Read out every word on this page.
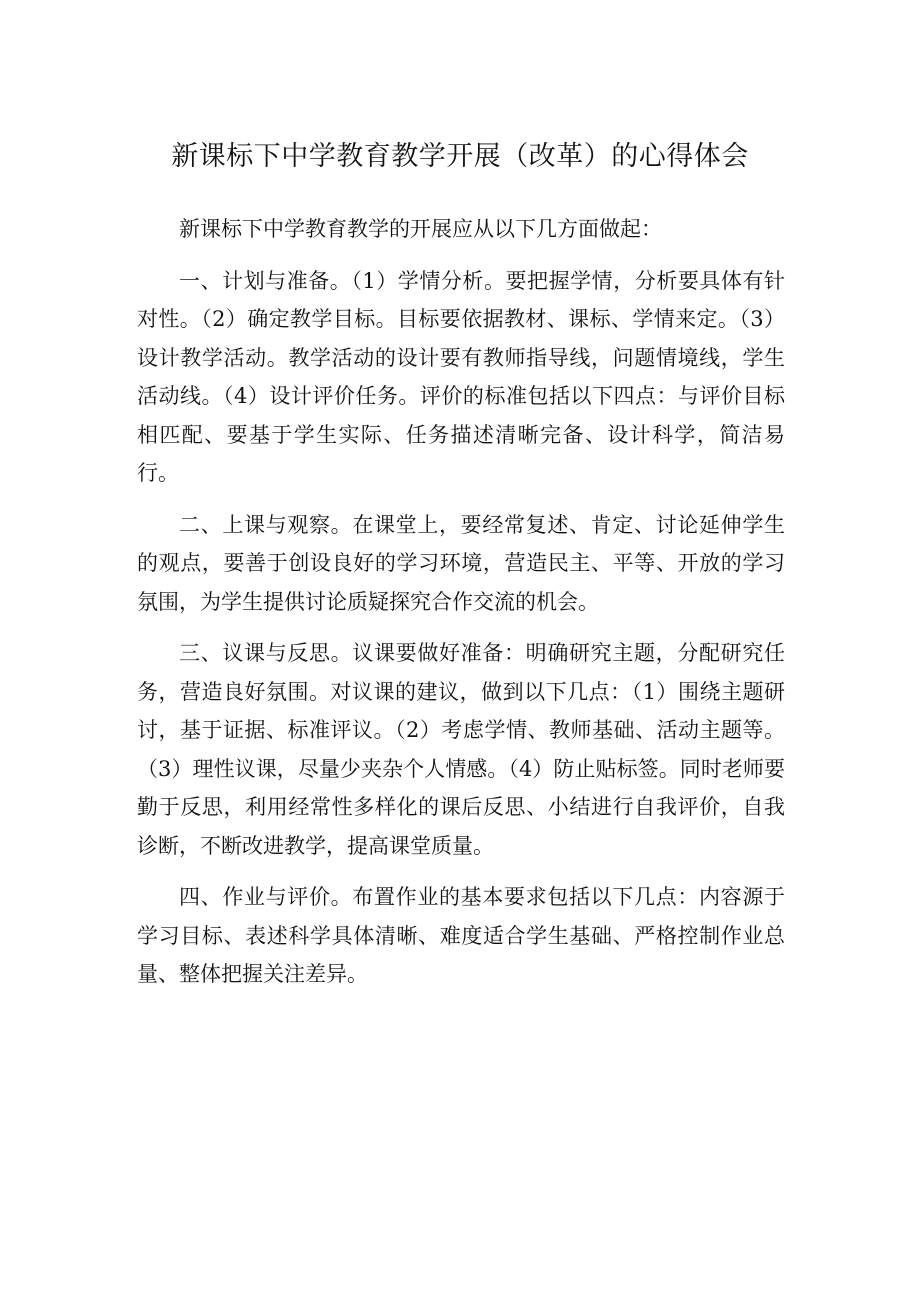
新课标下中学教育教学开展（改革）的心得体会

新课标下中学教育教学的开展应从以下几方面做起：

一、计划与准备。（1）学情分析。要把握学情，分析要具体有针对性。（2）确定教学目标。目标要依据教材、课标、学情来定。（3）设计教学活动。教学活动的设计要有教师指导线，问题情境线，学生活动线。（4）设计评价任务。评价的标准包括以下四点：与评价目标相匹配、要基于学生实际、任务描述清晰完备、设计科学，简洁易行。

二、上课与观察。在课堂上，要经常复述、肯定、讨论延伸学生的观点，要善于创设良好的学习环境，营造民主、平等、开放的学习氛围，为学生提供讨论质疑探究合作交流的机会。

三、议课与反思。议课要做好准备：明确研究主题，分配研究任务，营造良好氛围。对议课的建议，做到以下几点：（1）围绕主题研讨，基于证据、标准评议。（2）考虑学情、教师基础、活动主题等。（3）理性议课，尽量少夹杂个人情感。（4）防止贴标签。同时老师要勤于反思，利用经常性多样化的课后反思、小结进行自我评价，自我诊断，不断改进教学，提高课堂质量。

四、作业与评价。布置作业的基本要求包括以下几点：内容源于学习目标、表述科学具体清晰、难度适合学生基础、严格控制作业总量、整体把握关注差异。
